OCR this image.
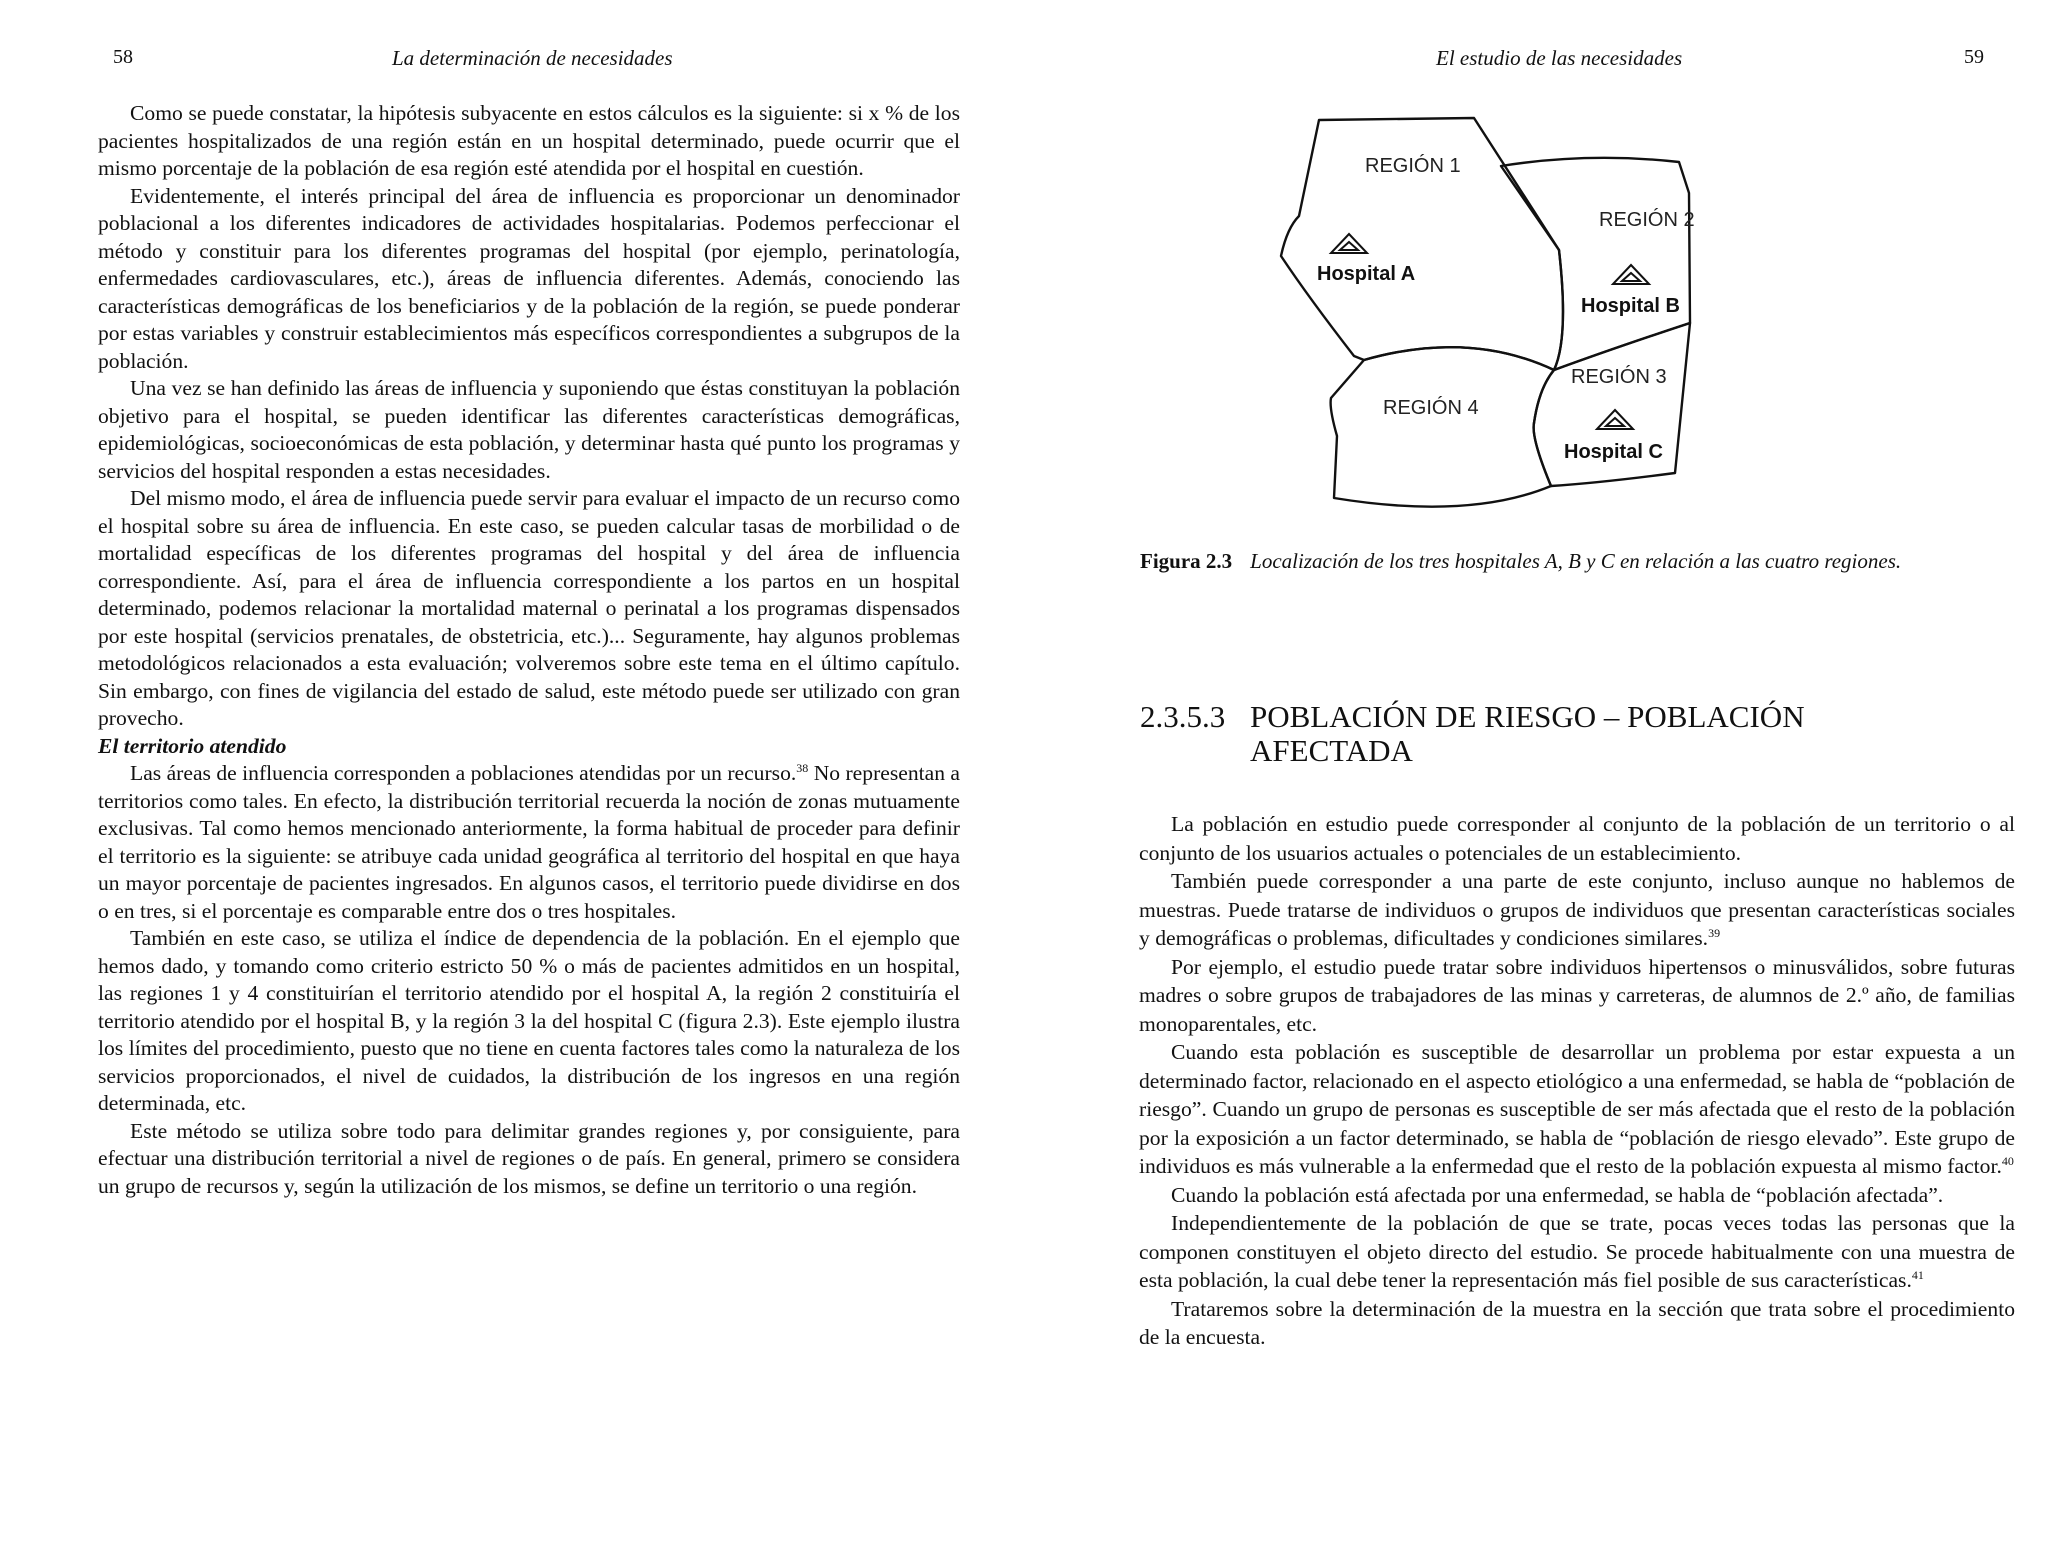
58	La determinación de necesidades

Como se puede constatar, la hipótesis subyacente en estos cálculos es la siguiente: si x % de los pacientes hospitalizados de una región están en un hospital determinado, puede ocurrir que el mismo porcentaje de la población de esa región esté atendida por el hospital en cuestión.

Evidentemente, el interés principal del área de influencia es proporcionar un denominador poblacional a los diferentes indicadores de actividades hospitalarias. Podemos perfeccionar el método y constituir para los diferentes programas del hospital (por ejemplo, perinatología, enfermedades cardiovasculares, etc.), áreas de influencia diferentes. Además, conociendo las características demográficas de los beneficiarios y de la población de la región, se puede ponderar por estas variables y construir establecimientos más específicos correspondientes a subgrupos de la población.

Una vez se han definido las áreas de influencia y suponiendo que éstas constituyan la población objetivo para el hospital, se pueden identificar las diferentes características demográficas, epidemiológicas, socioeconómicas de esta población, y determinar hasta qué punto los programas y servicios del hospital responden a estas necesidades.

Del mismo modo, el área de influencia puede servir para evaluar el impacto de un recurso como el hospital sobre su área de influencia. En este caso, se pueden calcular tasas de morbilidad o de mortalidad específicas de los diferentes programas del hospital y del área de influencia correspondiente. Así, para el área de influencia correspondiente a los partos en un hospital determinado, podemos relacionar la mortalidad maternal o perinatal a los programas dispensados por este hospital (servicios prenatales, de obstetricia, etc.)... Seguramente, hay algunos problemas metodológicos relacionados a esta evaluación; volveremos sobre este tema en el último capítulo. Sin embargo, con fines de vigilancia del estado de salud, este método puede ser utilizado con gran provecho.

El territorio atendido

Las áreas de influencia corresponden a poblaciones atendidas por un recurso.$^{38}$ No representan a territorios como tales. En efecto, la distribución territorial recuerda la noción de zonas mutuamente exclusivas. Tal como hemos mencionado anteriormente, la forma habitual de proceder para definir el territorio es la siguiente: se atribuye cada unidad geográfica al territorio del hospital en que haya un mayor porcentaje de pacientes ingresados. En algunos casos, el territorio puede dividirse en dos o en tres, si el porcentaje es comparable entre dos o tres hospitales.

También en este caso, se utiliza el índice de dependencia de la población. En el ejemplo que hemos dado, y tomando como criterio estricto 50 % o más de pacientes admitidos en un hospital, las regiones 1 y 4 constituirían el territorio atendido por el hospital A, la región 2 constituiría el territorio atendido por el hospital B, y la región 3 la del hospital C (figura 2.3). Este ejemplo ilustra los límites del procedimiento, puesto que no tiene en cuenta factores tales como la naturaleza de los servicios proporcionados, el nivel de cuidados, la distribución de los ingresos en una región determinada, etc.

Este método se utiliza sobre todo para delimitar grandes regiones y, por consiguiente, para efectuar una distribución territorial a nivel de regiones o de país. En general, primero se considera un grupo de recursos y, según la utilización de los mismos, se define un territorio o una región.

El estudio de las necesidades	59
REGIÓN 1
Hospital A
REGIÓN 2
Hospital B
REGIÓN 3
REGIÓN 4
Hospital C
Figura 2.3 Localización de los tres hospitales A, B y C en relación a las cuatro regiones.
2.3.5.3 POBLACIÓN DE RIESGO – POBLACIÓN
AFECTADA

La población en estudio puede corresponder al conjunto de la población de un territorio o al conjunto de los usuarios actuales o potenciales de un establecimiento.

También puede corresponder a una parte de este conjunto, incluso aunque no hablemos de muestras. Puede tratarse de individuos o grupos de individuos que presentan características sociales y demográficas o problemas, dificultades y condiciones similares.$^{39}$

Por ejemplo, el estudio puede tratar sobre individuos hipertensos o minusválidos, sobre futuras madres o sobre grupos de trabajadores de las minas y carreteras, de alumnos de 2.º año, de familias monoparentales, etc.

Cuando esta población es susceptible de desarrollar un problema por estar expuesta a un determinado factor, relacionado en el aspecto etiológico a una enfermedad, se habla de “población de riesgo”. Cuando un grupo de personas es susceptible de ser más afectada que el resto de la población por la exposición a un factor determinado, se habla de “población de riesgo elevado”. Este grupo de individuos es más vulnerable a la enfermedad que el resto de la población expuesta al mismo factor.$^{40}$

Cuando la población está afectada por una enfermedad, se habla de “población afectada”.

Independientemente de la población de que se trate, pocas veces todas las personas que la componen constituyen el objeto directo del estudio. Se procede habitualmente con una muestra de esta población, la cual debe tener la representación más fiel posible de sus características.$^{41}$

Trataremos sobre la determinación de la muestra en la sección que trata sobre el procedimiento de la encuesta.
